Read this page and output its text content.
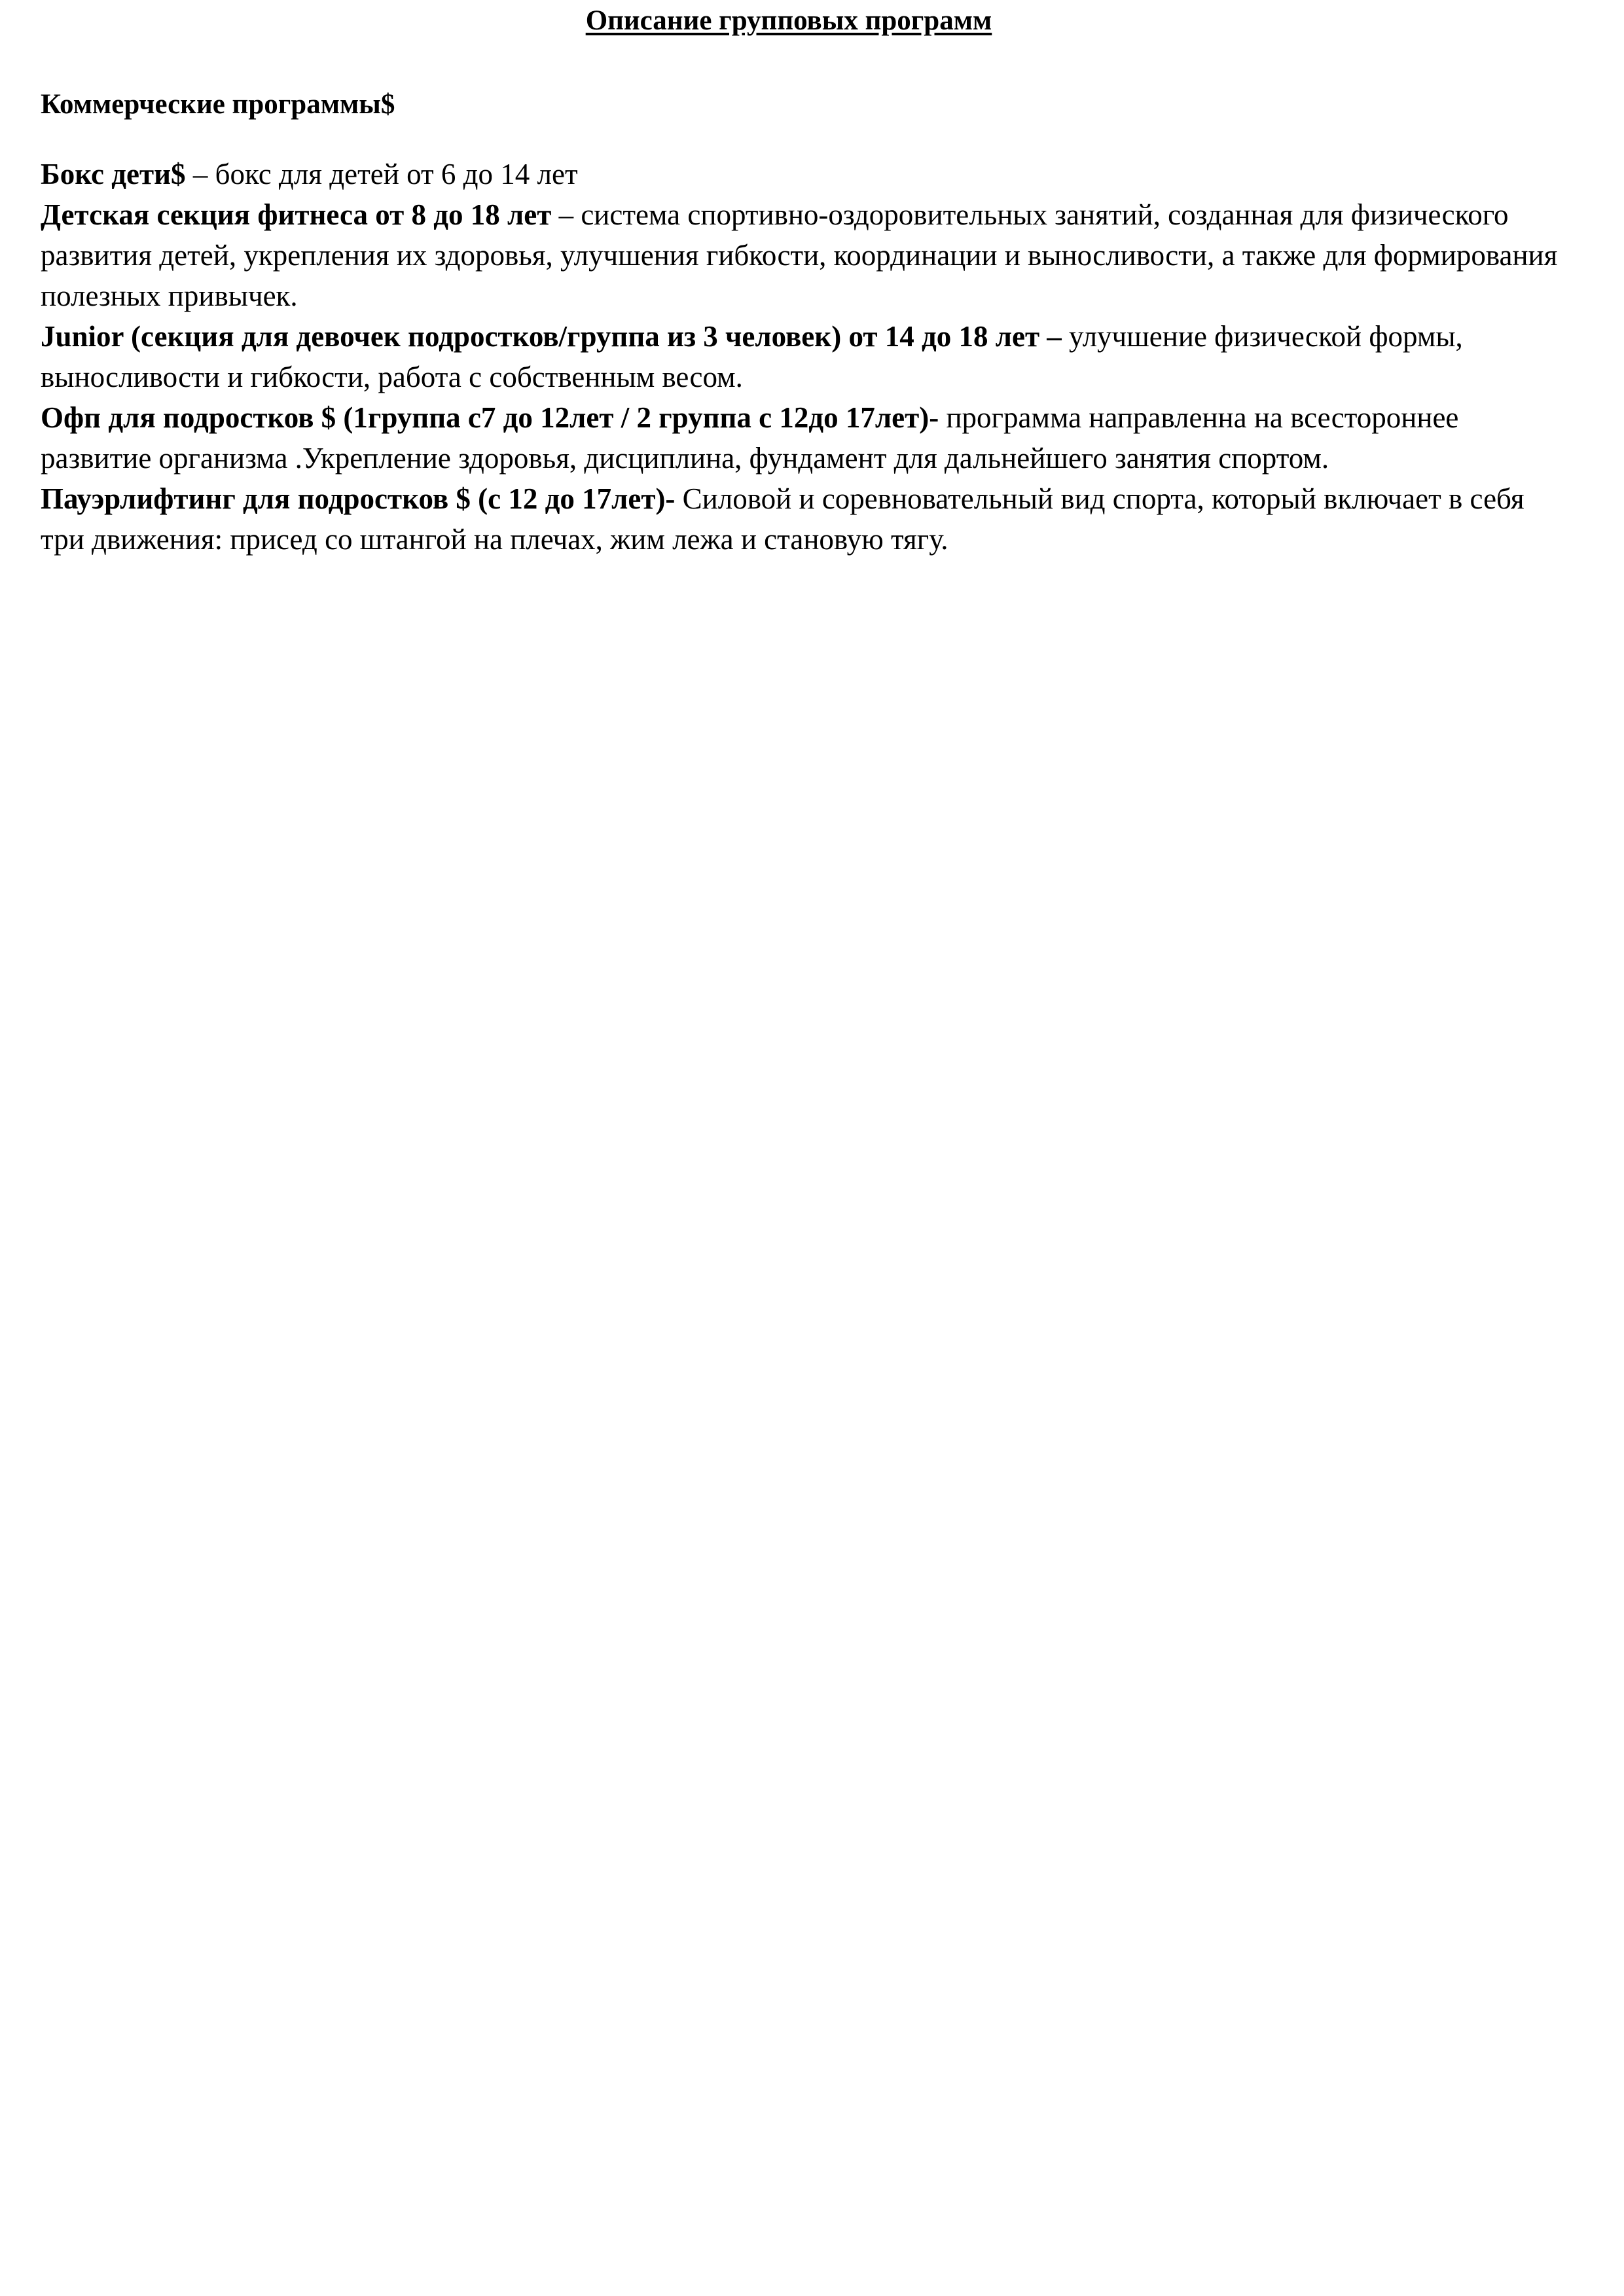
Описание групповых программ
Коммерческие программы$

Бокс дети$ – бокс для детей от 6 до 14 лет

Детская секция фитнеса от 8 до 18 лет – система спортивно-оздоровительных занятий, созданная для физического развития детей, укрепления их здоровья, улучшения гибкости, координации и выносливости, а также для формирования полезных привычек.

Junior (секция для девочек подростков/группа из 3 человек) от 14 до 18 лет – улучшение физической формы, выносливости и гибкости, работа с собственным весом.

Офп для подростков $ (1группа с7 до 12лет / 2 группа с 12до 17лет)- программа направленна на всестороннее развитие организма .Укрепление здоровья, дисциплина, фундамент для дальнейшего занятия спортом.

Пауэрлифтинг для подростков $ (с 12 до 17лет)- Силовой и соревновательный вид спорта, который включает в себя три движения: присед со штангой на плечах, жим лежа и становую тягу.
